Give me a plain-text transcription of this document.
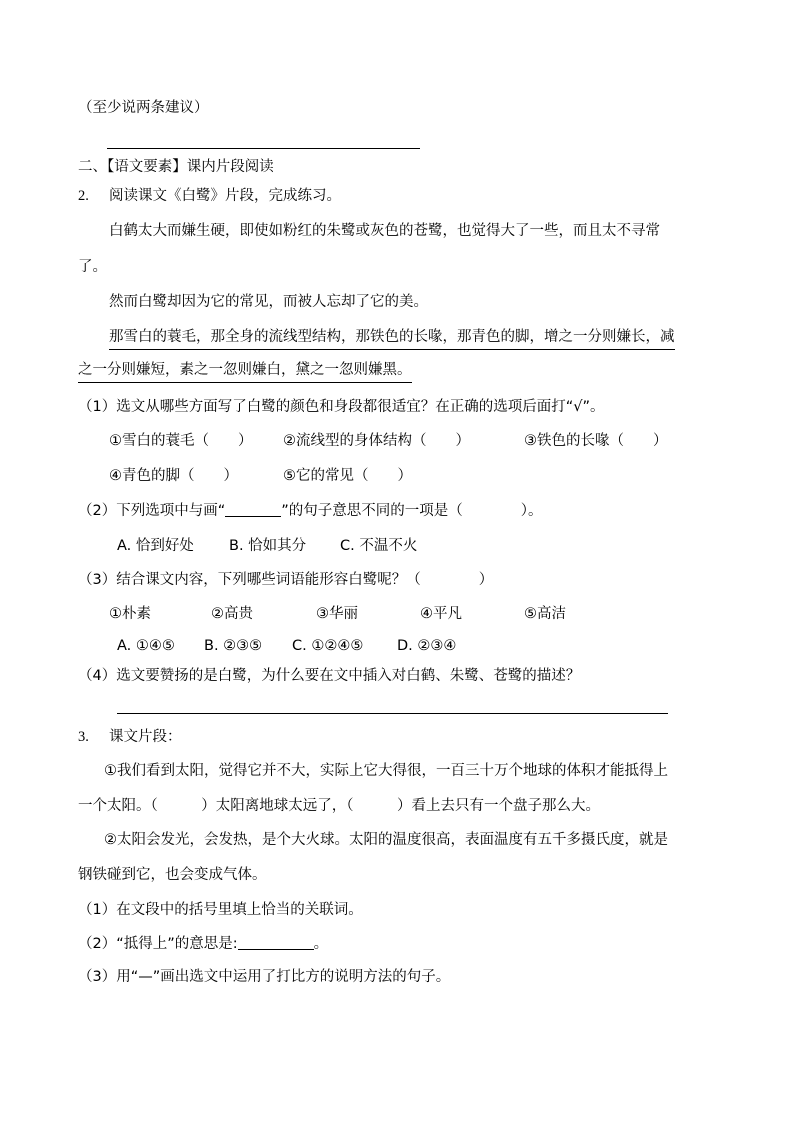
（至少说两条建议）
二、【语文要素】课内片段阅读
2. 阅读课文《白鹭》片段，完成练习。
白鹤太大而嫌生硬，即使如粉红的朱鹭或灰色的苍鹭，也觉得大了一些，而且太不寻常
了。
然而白鹭却因为它的常见，而被人忘却了它的美。
那雪白的蓑毛，那全身的流线型结构，那铁色的长喙，那青色的脚，增之一分则嫌长，减
之一分则嫌短，素之一忽则嫌白，黛之一忽则嫌黑。
（1）选文从哪些方面写了白鹭的颜色和身段都很适宜？在正确的选项后面打“√”。
①雪白的蓑毛（　　） ②流线型的身体结构（　　）	③铁色的长喙（　　）
④青色的脚（　　）	⑤它的常见（　　）
（2）下列选项中与画“	”的句子意思不同的一项是（　　　　）。
A. 恰到好处 B. 恰如其分 C. 不温不火
（3）结合课文内容，下列哪些词语能形容白鹭呢？（　　　　）
①朴素	②高贵	③华丽	④平凡	⑤高洁
A. ①④⑤ B. ②③⑤ C. ①②④⑤ D. ②③④
（4）选文要赞扬的是白鹭，为什么要在文中插入对白鹤、朱鹭、苍鹭的描述？
3. 课文片段：
①我们看到太阳，觉得它并不大，实际上它大得很，一百三十万个地球的体积才能抵得上
一个太阳。（　　　）太阳离地球太远了，（　　　）看上去只有一个盘子那么大。
②太阳会发光，会发热，是个大火球。太阳的温度很高，表面温度有五千多摄氏度，就是
钢铁碰到它，也会变成气体。
（1）在文段中的括号里填上恰当的关联词。
（2）“抵得上”的意思是:	。
（3）用“—”画出选文中运用了打比方的说明方法的句子。
